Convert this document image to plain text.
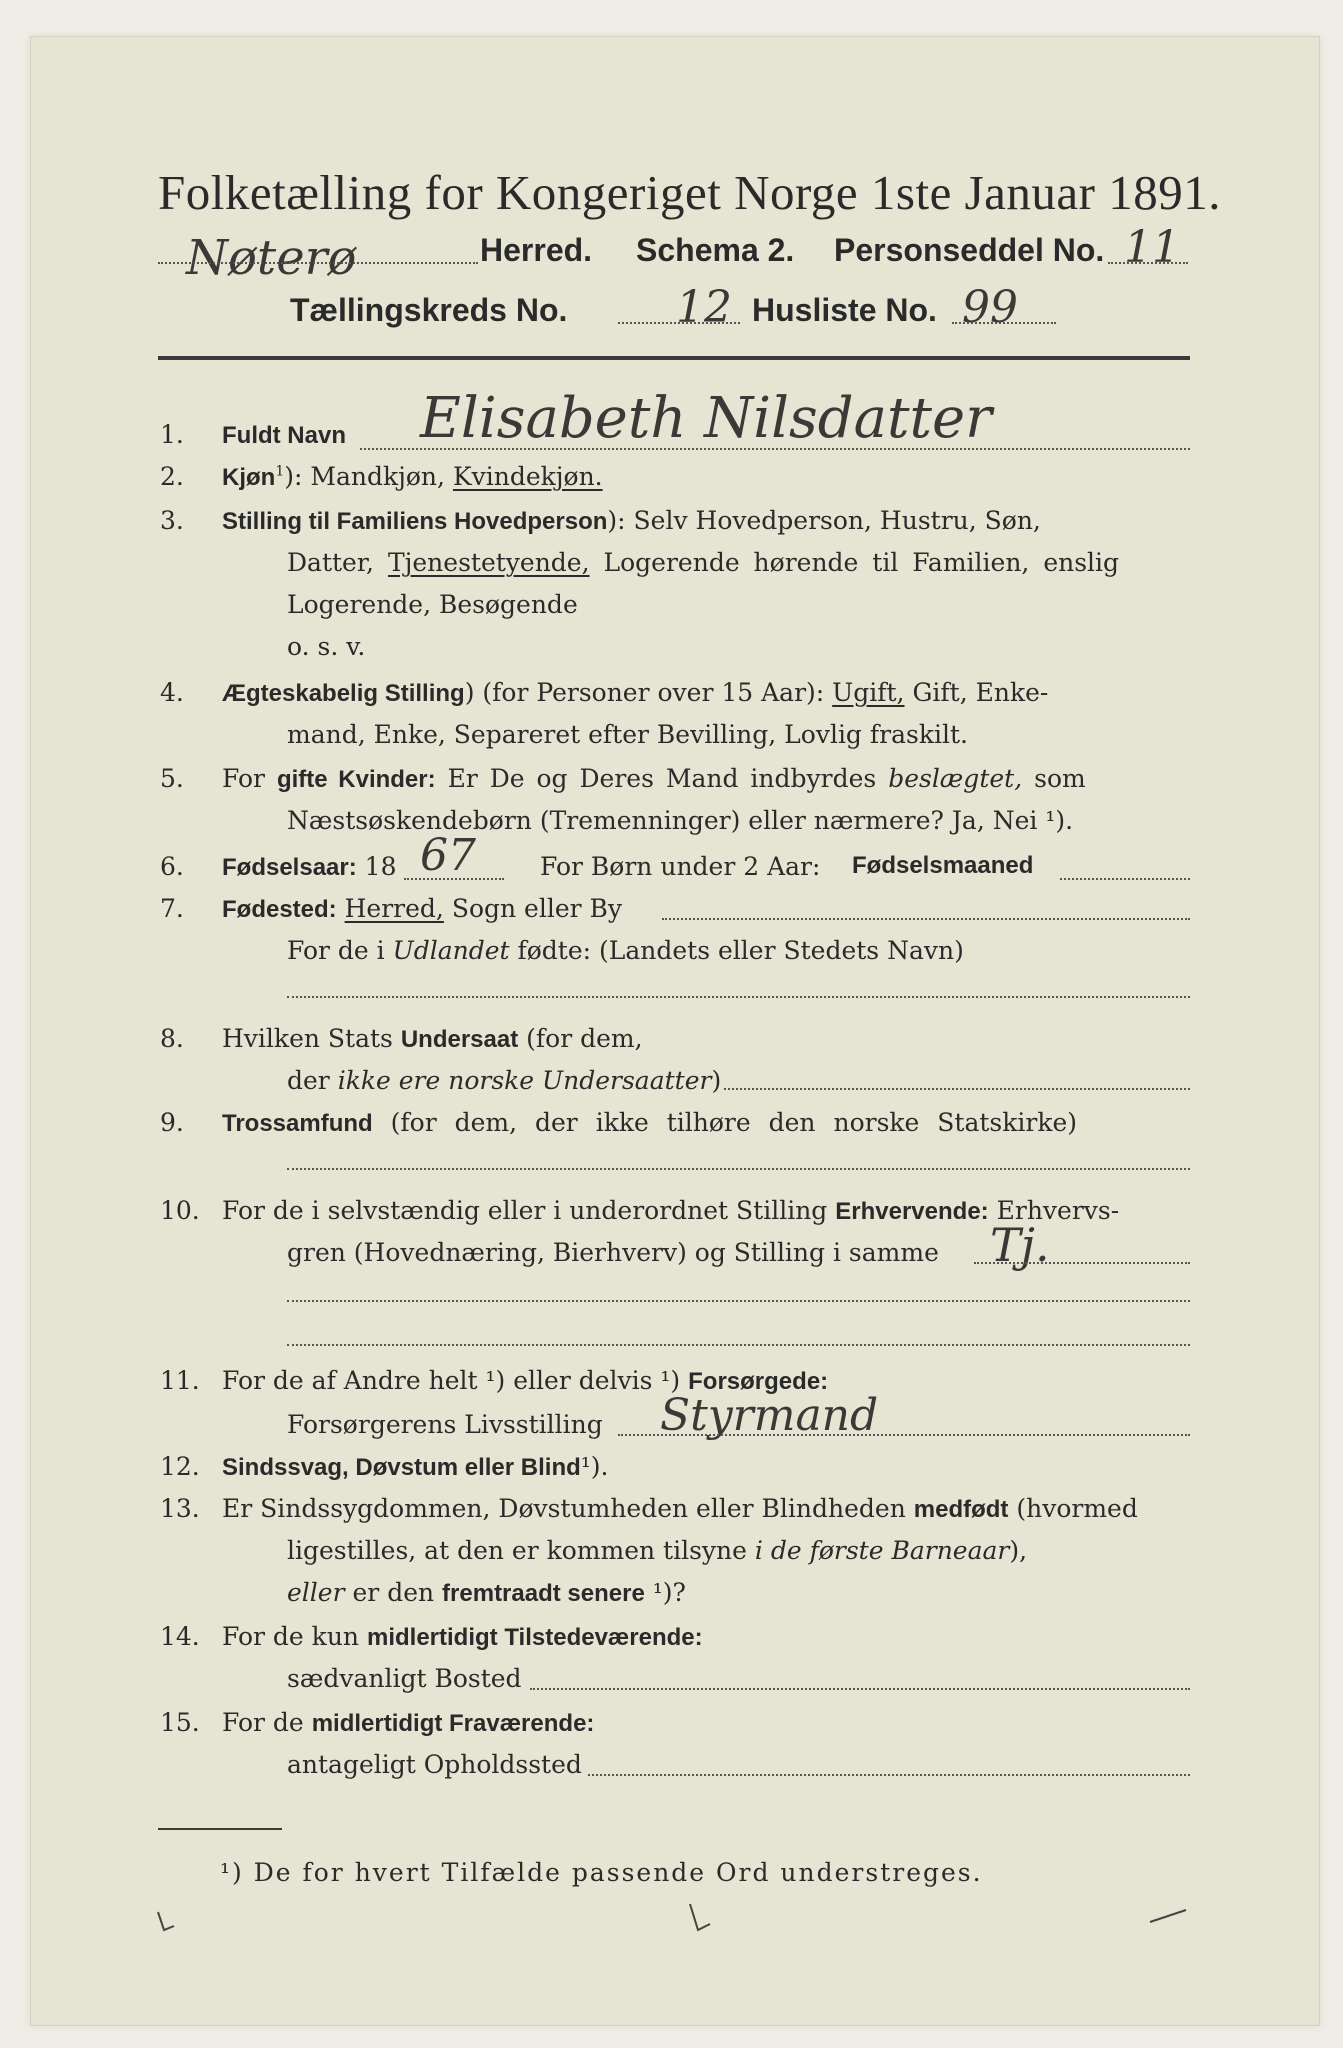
Folketælling for Kongeriget Norge 1ste Januar 1891.
Nøterø	Herred. Schema 2. Personseddel No. 11
Tællingskreds No. 12 Husliste No. 99
1. Fuldt Navn Elisabeth Nilsdatter
2. Kjøn$^1$): Mandkjøn, Kvindekjøn.
3. Stilling til Familiens Hovedperson): Selv Hovedperson, Hustru, Søn,
Datter, Tjenestetyende, Logerende hørende til Familien, enslig
Logerende, Besøgende
o. s. v.
4. Ægteskabelig Stilling) (for Personer over 15 Aar): Ugift, Gift, Enke-
mand, Enke, Separeret efter Bevilling, Lovlig fraskilt.
5. For gifte Kvinder: Er De og Deres Mand indbyrdes beslægtet, som
Næstsøskendebørn (Tremenninger) eller nærmere? Ja, Nei ¹).
6. Fødselsaar: 18 67	For Børn under 2 Aar: Fødselsmaaned
7. Fødested: Herred, Sogn eller By
For de i Udlandet fødte: (Landets eller Stedets Navn)
8. Hvilken Stats Undersaat (for dem,
der ikke ere norske Undersaatter)
9. Trossamfund (for dem, der ikke tilhøre den norske Statskirke)
10. For de i selvstændig eller i underordnet Stilling Erhvervende: Erhvervs-
gren (Hovednæring, Bierhverv) og Stilling i samme Tj.
11. For de af Andre helt ¹) eller delvis ¹) Forsørgede:
Forsørgerens Livsstilling Styrmand
12. Sindssvag, Døvstum eller Blind¹).
13. Er Sindssygdommen, Døvstumheden eller Blindheden medfødt (hvormed
ligestilles, at den er kommen tilsyne i de første Barneaar),
eller er den fremtraadt senere ¹)?
14. For de kun midlertidigt Tilstedeværende:
sædvanligt Bosted
15. For de midlertidigt Fraværende:
antageligt Opholdssted
¹) De for hvert Tilfælde passende Ord understreges.
